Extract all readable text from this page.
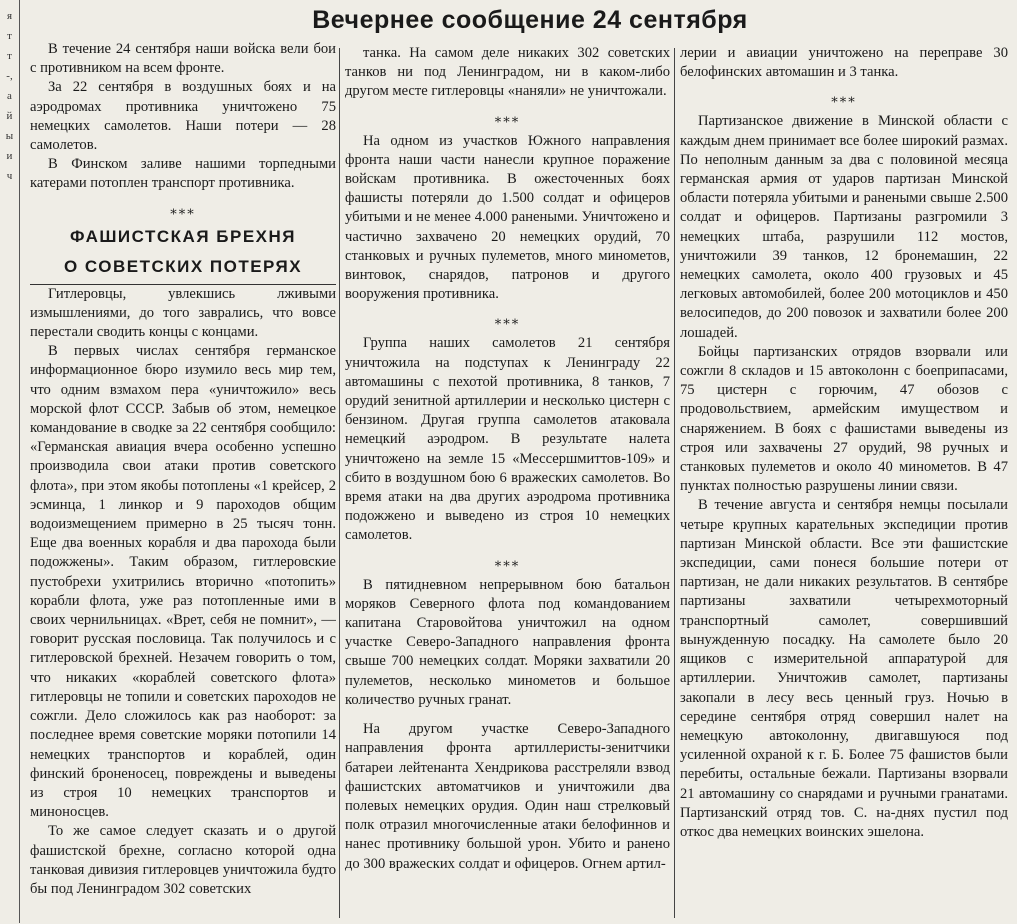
я
т
т
-,
а
й
ы
и
ч
Вечернее сообщение 24 сентября

В течение 24 сентября наши войска вели бои с противником на всем фронте.

За 22 сентября в воздушных боях и на аэродромах противника уничтожено 75 немецких самолетов. Наши потери — 28 самолетов.

В Финском заливе нашими торпедными катерами потоплен транспорт противника.

⁎⁎⁎
ФАШИСТСКАЯ БРЕХНЯ
О СОВЕТСКИХ ПОТЕРЯХ

Гитлеровцы, увлекшись лживыми измышлениями, до того заврались, что вовсе перестали сводить концы с концами.

В первых числах сентября германское информационное бюро изумило весь мир тем, что одним взмахом пера «уничтожило» весь морской флот СССР. Забыв об этом, немецкое командование в сводке за 22 сентября сообщило: «Германская авиация вчера особенно успешно производила свои атаки против советского флота», при этом якобы потоплены «1 крейсер, 2 эсминца, 1 линкор и 9 пароходов общим водоизмещением примерно в 25 тысяч тонн. Еще два военных корабля и два парохода были подожжены». Таким образом, гитлеровские пустобрехи ухитрились вторично «потопить» корабли флота, уже раз потопленные ими в своих чернильницах. «Врет, себя не помнит», — говорит русская пословица. Так получилось и с гитлеровской брехней. Незачем говорить о том, что никаких «кораблей советского флота» гитлеровцы не топили и советских пароходов не сожгли. Дело сложилось как раз наоборот: за последнее время советские моряки потопили 14 немецких транспортов и кораблей, один финский броненосец, повреждены и выведены из строя 10 немецких транспортов и миноносцев.

То же самое следует сказать и о другой фашистской брехне, согласно которой одна танковая дивизия гитлеровцев уничтожила будто бы под Ленинградом 302 советских

танка. На самом деле никаких 302 советских танков ни под Ленинградом, ни в каком-либо другом месте гитлеровцы «наняли» не уничтожали.

⁎⁎⁎

На одном из участков Южного направления фронта наши части нанесли крупное поражение войскам противника. В ожесточенных боях фашисты потеряли до 1.500 солдат и офицеров убитыми и не менее 4.000 ранеными. Уничтожено и частично захвачено 20 немецких орудий, 70 станковых и ручных пулеметов, много минометов, винтовок, снарядов, патронов и другого вооружения противника.

⁎⁎⁎

Группа наших самолетов 21 сентября уничтожила на подступах к Ленинграду 22 автомашины с пехотой противника, 8 танков, 7 орудий зенитной артиллерии и несколько цистерн с бензином. Другая группа самолетов атаковала немецкий аэродром. В результате налета уничтожено на земле 15 «Мессершмиттов-109» и сбито в воздушном бою 6 вражеских самолетов. Во время атаки на два других аэродрома противника подожжено и выведено из строя 10 немецких самолетов.

⁎⁎⁎

В пятидневном непрерывном бою батальон моряков Северного флота под командованием капитана Старовойтова уничтожил на одном участке Северо-Западного направления фронта свыше 700 немецких солдат. Моряки захватили 20 пулеметов, несколько минометов и большое количество ручных гранат.

На другом участке Северо-Западного направления фронта артиллеристы-зенитчики батареи лейтенанта Хендрикова расстреляли взвод фашистских автоматчиков и уничтожили два полевых немецких орудия. Один наш стрелковый полк отразил многочисленные атаки белофиннов и нанес противнику большой урон. Убито и ранено до 300 вражеских солдат и офицеров. Огнем артил-

лерии и авиации уничтожено на переправе 30 белофинских автомашин и 3 танка.

⁎⁎⁎

Партизанское движение в Минской области с каждым днем принимает все более широкий размах. По неполным данным за два с половиной месяца германская армия от ударов партизан Минской области потеряла убитыми и ранеными свыше 2.500 солдат и офицеров. Партизаны разгромили 3 немецких штаба, разрушили 112 мостов, уничтожили 39 танков, 12 бронемашин, 22 немецких самолета, около 400 грузовых и 45 легковых автомобилей, более 200 мотоциклов и 450 велосипедов, до 200 повозок и захватили более 200 лошадей.

Бойцы партизанских отрядов взорвали или сожгли 8 складов и 15 автоколонн с боеприпасами, 75 цистерн с горючим, 47 обозов с продовольствием, армейским имуществом и снаряжением. В боях с фашистами выведены из строя или захвачены 27 орудий, 98 ручных и станковых пулеметов и около 40 минометов. В 47 пунктах полностью разрушены линии связи.

В течение августа и сентября немцы посылали четыре крупных карательных экспедиции против партизан Минской области. Все эти фашистские экспедиции, сами понеся большие потери от партизан, не дали никаких результатов. В сентябре партизаны захватили четырехмоторный транспортный самолет, совершивший вынужденную посадку. На самолете было 20 ящиков с измерительной аппаратурой для артиллерии. Уничтожив самолет, партизаны закопали в лесу весь ценный груз. Ночью в середине сентября отряд совершил налет на немецкую автоколонну, двигавшуюся под усиленной охраной к г. Б. Более 75 фашистов были перебиты, остальные бежали. Партизаны взорвали 21 автомашину со снарядами и ручными гранатами. Партизанский отряд тов. С. на-днях пустил под откос два немецких воинских эшелона.
